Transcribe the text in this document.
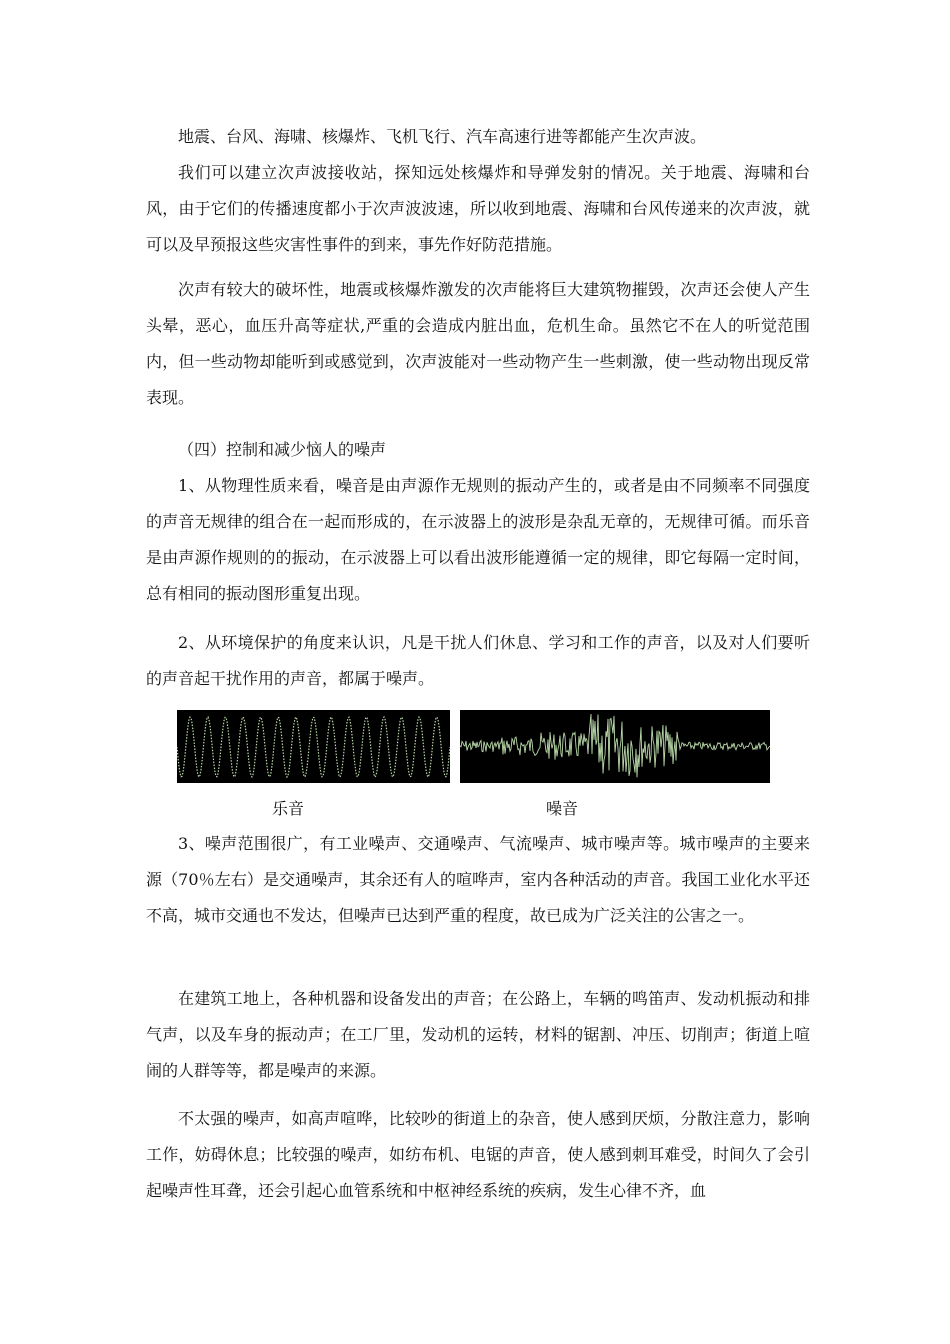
地震、台风、海啸、核爆炸、飞机飞行、汽车高速行进等都能产生次声波。

我们可以建立次声波接收站，探知远处核爆炸和导弹发射的情况。关于地震、海啸和台风，由于它们的传播速度都小于次声波波速，所以收到地震、海啸和台风传递来的次声波，就可以及早预报这些灾害性事件的到来，事先作好防范措施。

次声有较大的破坏性，地震或核爆炸激发的次声能将巨大建筑物摧毁，次声还会使人产生头晕，恶心，血压升高等症状,严重的会造成内脏出血，危机生命。虽然它不在人的听觉范围内，但一些动物却能听到或感觉到，次声波能对一些动物产生一些刺激，使一些动物出现反常表现。

（四）控制和减少恼人的噪声

1、从物理性质来看，噪音是由声源作无规则的振动产生的，或者是由不同频率不同强度的声音无规律的组合在一起而形成的，在示波器上的波形是杂乱无章的，无规律可循。而乐音是由声源作规则的的振动，在示波器上可以看出波形能遵循一定的规律，即它每隔一定时间，总有相同的振动图形重复出现。

2、从环境保护的角度来认识，凡是干扰人们休息、学习和工作的声音，以及对人们要听的声音起干扰作用的声音，都属于噪声。

乐音	噪音

3、噪声范围很广，有工业噪声、交通噪声、气流噪声、城市噪声等。城市噪声的主要来源（70％左右）是交通噪声，其余还有人的喧哗声，室内各种活动的声音。我国工业化水平还不高，城市交通也不发达，但噪声已达到严重的程度，故已成为广泛关注的公害之一。

在建筑工地上，各种机器和设备发出的声音；在公路上，车辆的鸣笛声、发动机振动和排气声，以及车身的振动声；在工厂里，发动机的运转，材料的锯割、冲压、切削声；街道上喧闹的人群等等，都是噪声的来源。

不太强的噪声，如高声喧哗，比较吵的街道上的杂音，使人感到厌烦，分散注意力，影响工作，妨碍休息；比较强的噪声，如纺布机、电锯的声音，使人感到刺耳难受，时间久了会引起噪声性耳聋，还会引起心血管系统和中枢神经系统的疾病，发生心律不齐，血
